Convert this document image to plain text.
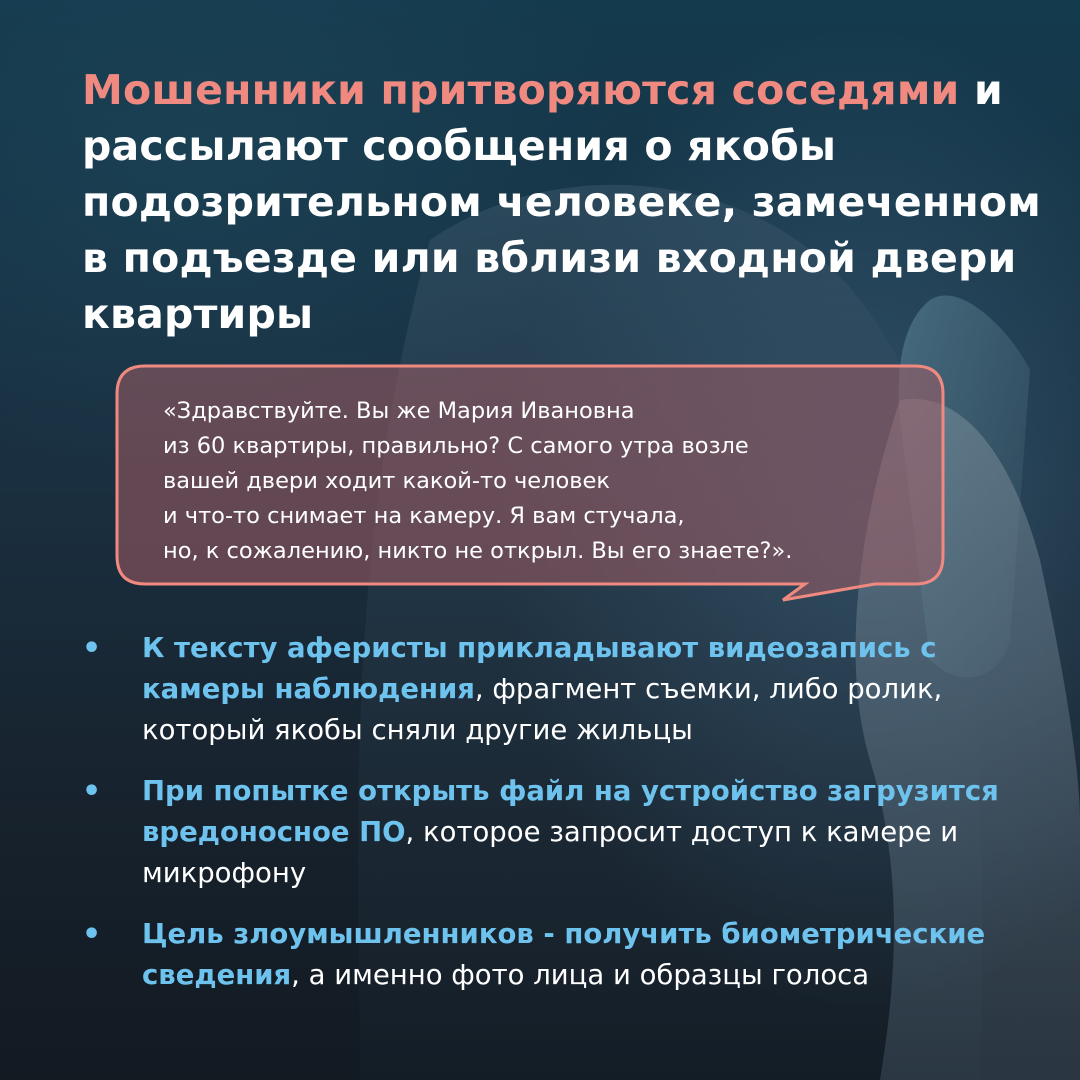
Мошенники притворяются соседями и рассылают сообщения о якобы подозрительном человеке, замеченном в подъезде или вблизи входной двери квартиры

«Здравствуйте. Вы же Мария Ивановна
из 60 квартиры, правильно? С самого утра возле
вашей двери ходит какой-то человек
и что-то снимает на камеру. Я вам стучала,
но, к сожалению, никто не открыл. Вы его знаете?».

• К тексту аферисты прикладывают видеозапись с камеры наблюдения, фрагмент съемки, либо ролик, который якобы сняли другие жильцы
• При попытке открыть файл на устройство загрузится вредоносное ПО, которое запросит доступ к камере и микрофону
• Цель злоумышленников - получить биометрические сведения, а именно фото лица и образцы голоса
